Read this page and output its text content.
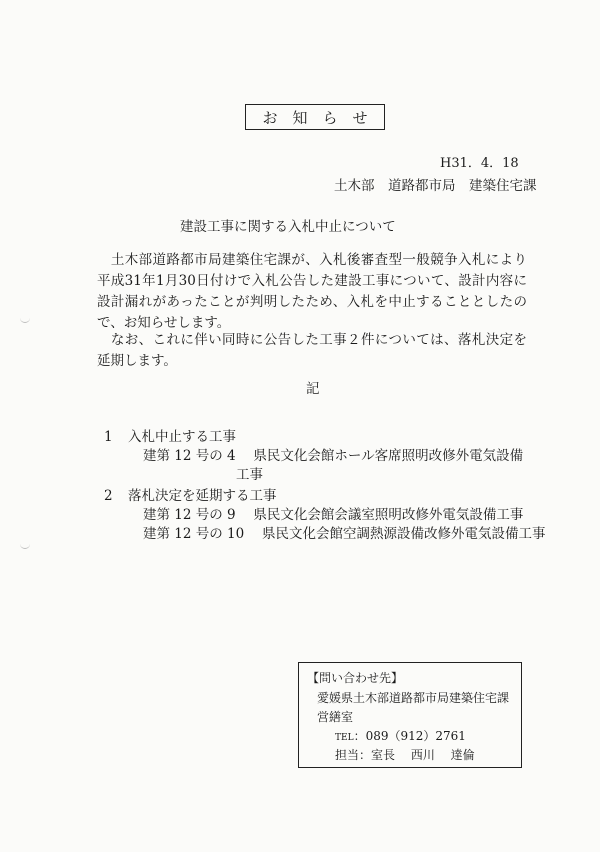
お　知　ら　せ
H31．4．18
土木部　道路都市局　建築住宅課
建設工事に関する入札中止について

　土木部道路都市局建築住宅課が、入札後審査型一般競争入札により平成31年1月30日付けで入札公告した建設工事について、設計内容に設計漏れがあったことが判明したため、入札を中止することとしたので、お知らせします。

　なお、これに伴い同時に公告した工事２件については、落札決定を延期します。

記
1 入札中止する工事
建第 12 号の 4　 県民文化会館ホール客席照明改修外電気設備
工事
2 落札決定を延期する工事
建第 12 号の 9　 県民文化会館会議室照明改修外電気設備工事
建第 12 号の 10　 県民文化会館空調熱源設備改修外電気設備工事
【問い合わせ先】
愛媛県土木部道路都市局建築住宅課
営繕室
TEL：089（912）2761
担当：室長　 西川　 達倫
